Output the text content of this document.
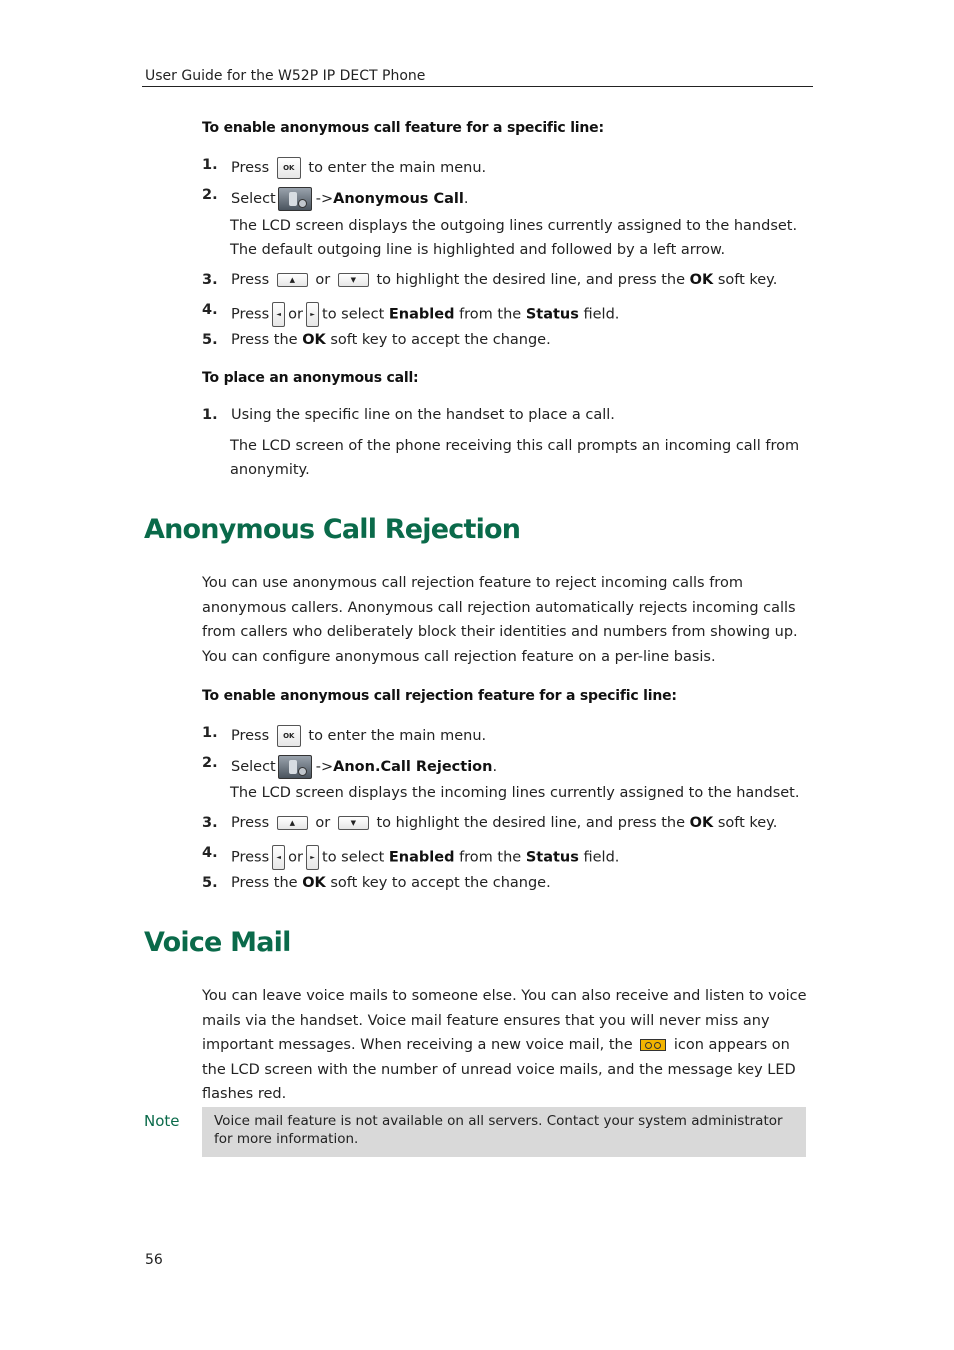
User Guide for the W52P IP DECT Phone
To enable anonymous call feature for a specific line:
1. Press OK to enter the main menu.
2. Select	->Anonymous Call.
The LCD screen displays the outgoing lines currently assigned to the handset. The default outgoing line is highlighted and followed by a left arrow.
3. Press	▲ or	▼ to highlight the desired line, and press the OK soft key.
4. Press ◄ or ► to select Enabled from the Status field.
5. Press the OK soft key to accept the change.
To place an anonymous call:
1. Using the specific line on the handset to place a call.
The LCD screen of the phone receiving this call prompts an incoming call from anonymity.
Anonymous Call Rejection
You can use anonymous call rejection feature to reject incoming calls from anonymous callers. Anonymous call rejection automatically rejects incoming calls from callers who deliberately block their identities and numbers from showing up. You can configure anonymous call rejection feature on a per-line basis.
To enable anonymous call rejection feature for a specific line:
1. Press OK to enter the main menu.
2. Select	->Anon.Call Rejection.
The LCD screen displays the incoming lines currently assigned to the handset.
3. Press	▲ or	▼ to highlight the desired line, and press the OK soft key.
4. Press ◄ or ► to select Enabled from the Status field.
5. Press the OK soft key to accept the change.
Voice Mail
You can leave voice mails to someone else. You can also receive and listen to voice mails via the handset. Voice mail feature ensures that you will never miss any important messages. When receiving a new voice mail, the	icon appears on the LCD screen with the number of unread voice mails, and the message key LED flashes red.
Note	Voice mail feature is not available on all servers. Contact your system administrator for more information.
56
